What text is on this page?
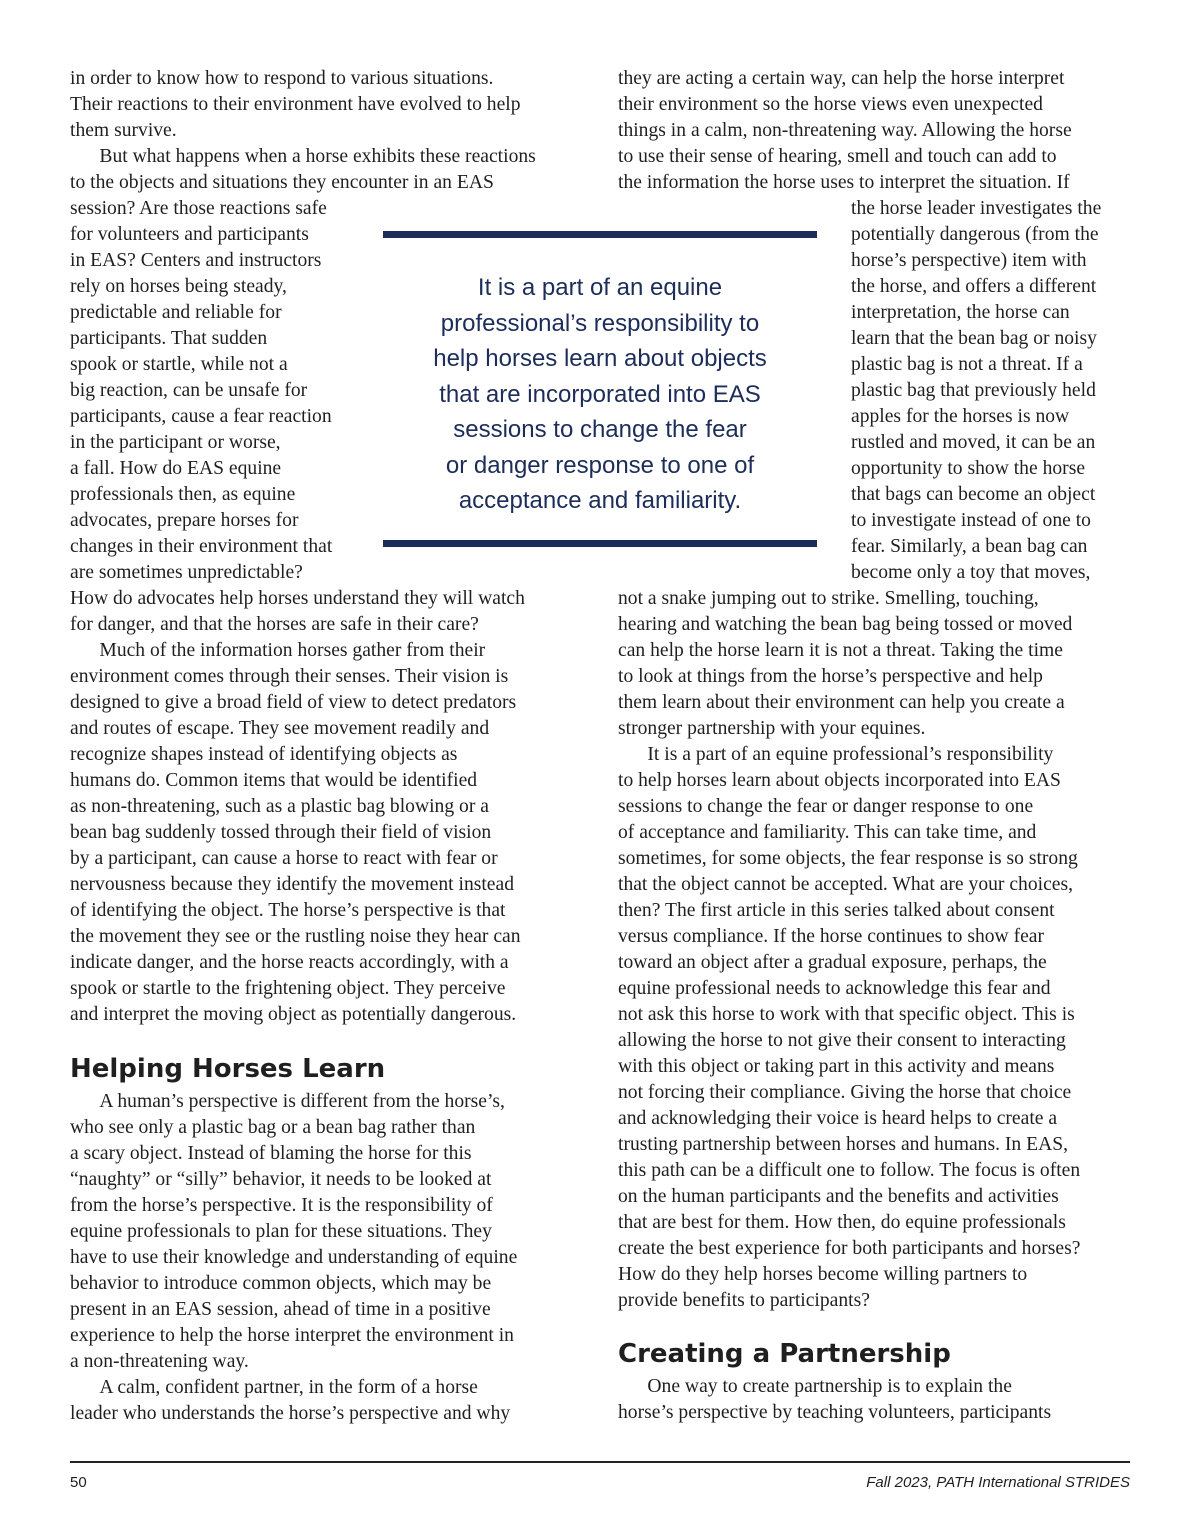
in order to know how to respond to various situations.
Their reactions to their environment have evolved to help
them survive.
  But what happens when a horse exhibits these reactions
to the objects and situations they encounter in an EAS
session? Are those reactions safe
for volunteers and participants
in EAS? Centers and instructors
rely on horses being steady,
predictable and reliable for
participants. That sudden
spook or startle, while not a
big reaction, can be unsafe for
participants, cause a fear reaction
in the participant or worse,
a fall. How do EAS equine
professionals then, as equine
advocates, prepare horses for
changes in their environment that
are sometimes unpredictable?
How do advocates help horses understand they will watch
for danger, and that the horses are safe in their care?
  Much of the information horses gather from their
environment comes through their senses. Their vision is
designed to give a broad field of view to detect predators
and routes of escape. They see movement readily and
recognize shapes instead of identifying objects as
humans do. Common items that would be identified
as non-threatening, such as a plastic bag blowing or a
bean bag suddenly tossed through their field of vision
by a participant, can cause a horse to react with fear or
nervousness because they identify the movement instead
of identifying the object. The horse’s perspective is that
the movement they see or the rustling noise they hear can
indicate danger, and the horse reacts accordingly, with a
spook or startle to the frightening object. They perceive
and interpret the moving object as potentially dangerous.
Helping Horses Learn
  A human’s perspective is different from the horse’s,
who see only a plastic bag or a bean bag rather than
a scary object. Instead of blaming the horse for this
“naughty” or “silly” behavior, it needs to be looked at
from the horse’s perspective. It is the responsibility of
equine professionals to plan for these situations. They
have to use their knowledge and understanding of equine
behavior to introduce common objects, which may be
present in an EAS session, ahead of time in a positive
experience to help the horse interpret the environment in
a non-threatening way.
  A calm, confident partner, in the form of a horse
leader who understands the horse’s perspective and why
they are acting a certain way, can help the horse interpret
their environment so the horse views even unexpected
things in a calm, non-threatening way. Allowing the horse
to use their sense of hearing, smell and touch can add to
the information the horse uses to interpret the situation. If
the horse leader investigates the
potentially dangerous (from the
horse’s perspective) item with
the horse, and offers a different
interpretation, the horse can
learn that the bean bag or noisy
plastic bag is not a threat. If a
plastic bag that previously held
apples for the horses is now
rustled and moved, it can be an
opportunity to show the horse
that bags can become an object
to investigate instead of one to
fear. Similarly, a bean bag can
become only a toy that moves,
not a snake jumping out to strike. Smelling, touching,
hearing and watching the bean bag being tossed or moved
can help the horse learn it is not a threat. Taking the time
to look at things from the horse’s perspective and help
them learn about their environment can help you create a
stronger partnership with your equines.
  It is a part of an equine professional’s responsibility
to help horses learn about objects incorporated into EAS
sessions to change the fear or danger response to one
of acceptance and familiarity. This can take time, and
sometimes, for some objects, the fear response is so strong
that the object cannot be accepted. What are your choices,
then? The first article in this series talked about consent
versus compliance. If the horse continues to show fear
toward an object after a gradual exposure, perhaps, the
equine professional needs to acknowledge this fear and
not ask this horse to work with that specific object. This is
allowing the horse to not give their consent to interacting
with this object or taking part in this activity and means
not forcing their compliance. Giving the horse that choice
and acknowledging their voice is heard helps to create a
trusting partnership between horses and humans. In EAS,
this path can be a difficult one to follow. The focus is often
on the human participants and the benefits and activities
that are best for them. How then, do equine professionals
create the best experience for both participants and horses?
How do they help horses become willing partners to
provide benefits to participants?
Creating a Partnership
  One way to create partnership is to explain the
horse’s perspective by teaching volunteers, participants
It is a part of an equine
professional’s responsibility to
help horses learn about objects
that are incorporated into EAS
sessions to change the fear
or danger response to one of
acceptance and familiarity.
50	Fall 2023, PATH International STRIDES
